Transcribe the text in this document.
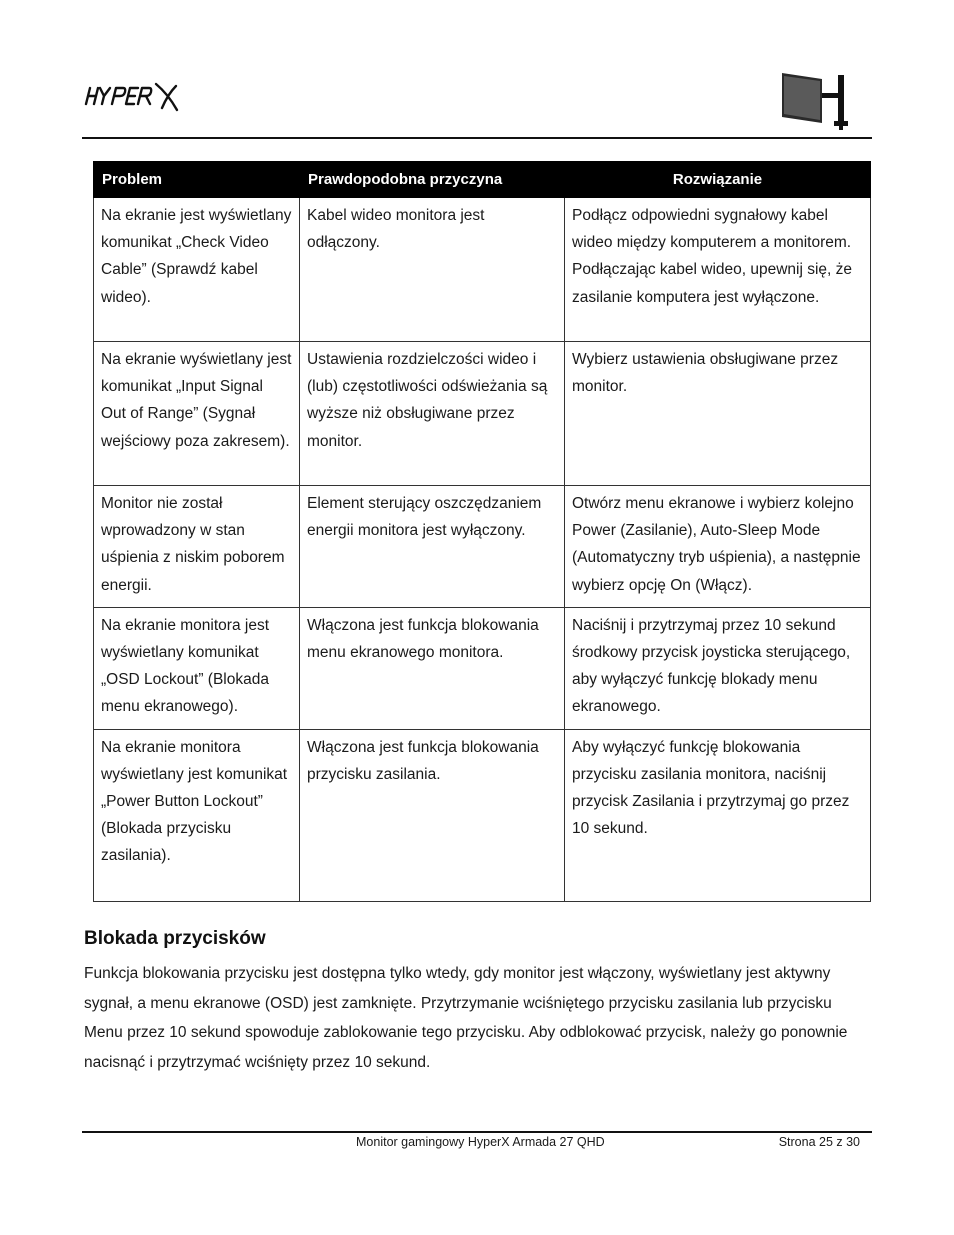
Problem	Prawdopodobna przyczyna	Rozwiązanie
Na ekranie jest wyświetlany komunikat „Check Video Cable” (Sprawdź kabel wideo).	Kabel wideo monitora jest odłączony.	Podłącz odpowiedni sygnałowy kabel wideo między komputerem a monitorem. Podłączając kabel wideo, upewnij się, że zasilanie komputera jest wyłączone.
Na ekranie wyświetlany jest komunikat „Input Signal Out of Range” (Sygnał wejściowy poza zakresem).	Ustawienia rozdzielczości wideo i (lub) częstotliwości odświeżania są wyższe niż obsługiwane przez monitor.	Wybierz ustawienia obsługiwane przez monitor.
Monitor nie został wprowadzony w stan uśpienia z niskim poborem energii.	Element sterujący oszczędzaniem energii monitora jest wyłączony.	Otwórz menu ekranowe i wybierz kolejno Power (Zasilanie), Auto-Sleep Mode (Automatyczny tryb uśpienia), a następnie wybierz opcję On (Włącz).
Na ekranie monitora jest wyświetlany komunikat „OSD Lockout” (Blokada menu ekranowego).	Włączona jest funkcja blokowania menu ekranowego monitora.	Naciśnij i przytrzymaj przez 10 sekund środkowy przycisk joysticka sterującego, aby wyłączyć funkcję blokady menu ekranowego.
Na ekranie monitora wyświetlany jest komunikat „Power Button Lockout” (Blokada przycisku zasilania).	Włączona jest funkcja blokowania przycisku zasilania.	Aby wyłączyć funkcję blokowania przycisku zasilania monitora, naciśnij przycisk Zasilania i przytrzymaj go przez 10 sekund.
Blokada przycisków

Funkcja blokowania przycisku jest dostępna tylko wtedy, gdy monitor jest włączony, wyświetlany jest aktywny sygnał, a menu ekranowe (OSD) jest zamknięte. Przytrzymanie wciśniętego przycisku zasilania lub przycisku Menu przez 10 sekund spowoduje zablokowanie tego przycisku. Aby odblokować przycisk, należy go ponownie nacisnąć i przytrzymać wciśnięty przez 10 sekund.

Monitor gamingowy HyperX Armada 27 QHD	Strona 25 z 30
